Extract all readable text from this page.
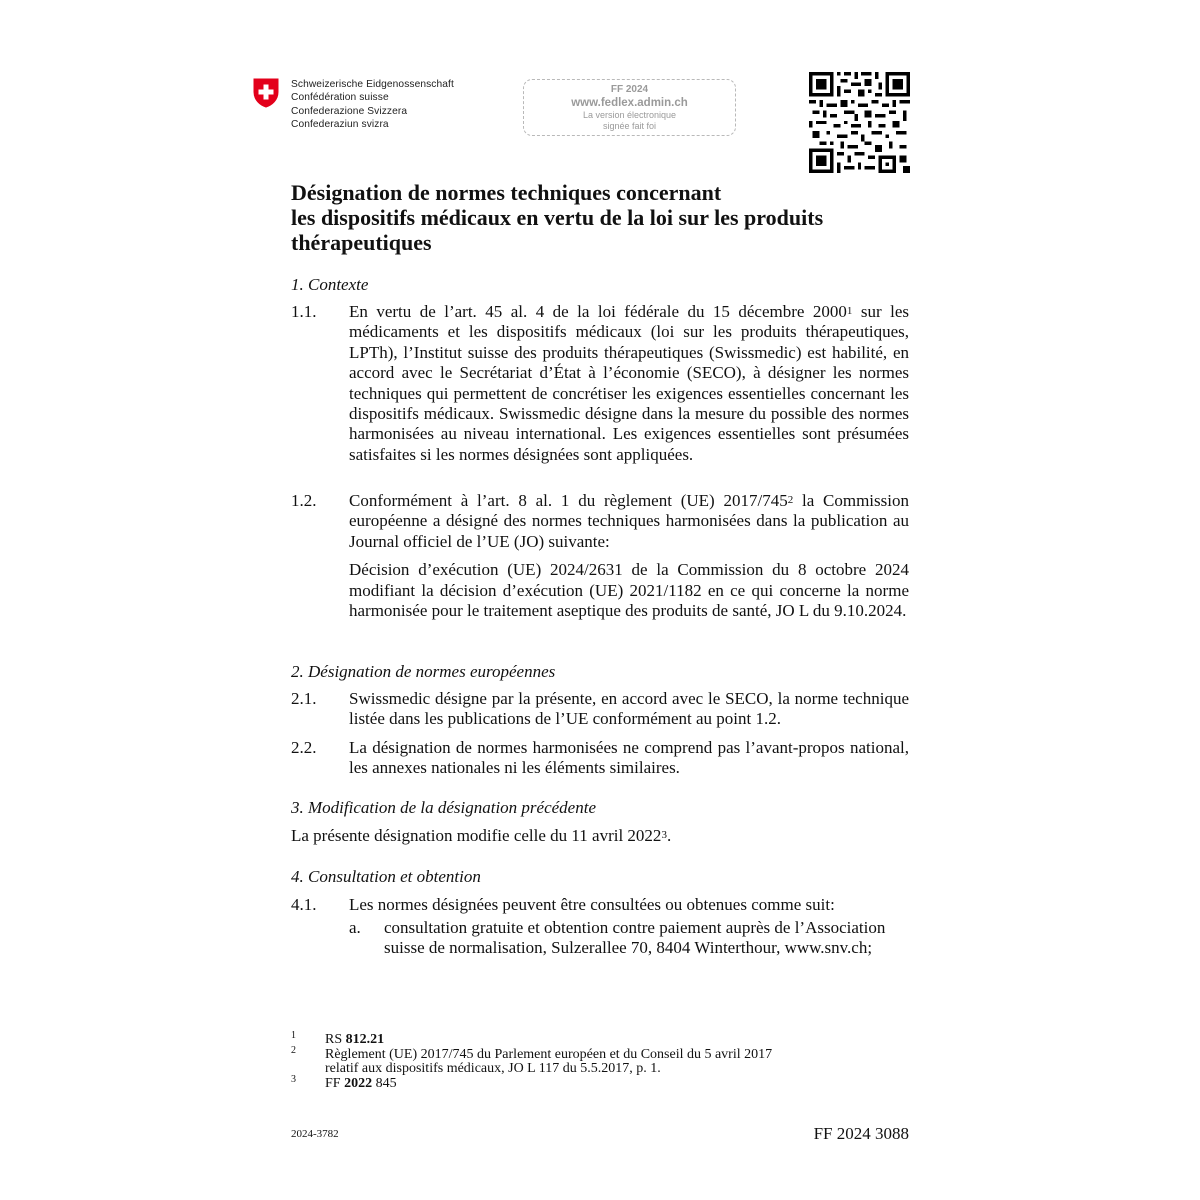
Schweizerische Eidgenossenschaft
Confédération suisse
Confederazione Svizzera
Confederaziun svizra
FF 2024
www.fedlex.admin.ch
La version électronique
signée fait foi
Désignation de normes techniques concernant
les dispositifs médicaux en vertu de la loi sur les produits
thérapeutiques
1. Contexte
1.1. En vertu de l’art. 45 al. 4 de la loi fédérale du 15 décembre 2000$^1$ sur les médicaments et les dispositifs médicaux (loi sur les produits thérapeutiques, LPTh), l’Institut suisse des produits thérapeutiques (Swissmedic) est habilité, en accord avec le Secrétariat d’État à l’économie (SECO), à désigner les normes techniques qui permettent de concrétiser les exigences essentielles concernant les dispositifs médicaux. Swissmedic désigne dans la mesure du possible des normes harmonisées au niveau international. Les exigences essentielles sont présumées satisfaites si les normes désignées sont appliquées.
1.2. Conformément à l’art. 8 al. 1 du règlement (UE) $2017/745^2$ la Commission européenne a désigné des normes techniques harmonisées dans la publication au Journal officiel de l’UE (JO) suivante:

Décision d’exécution (UE) 2024/2631 de la Commission du 8 octobre 2024 modifiant la décision d’exécution (UE) 2021/1182 en ce qui concerne la norme harmonisée pour le traitement aseptique des produits de santé, JO L du 9.10.2024.

2. Désignation de normes européennes
2.1. Swissmedic désigne par la présente, en accord avec le SECO, la norme technique listée dans les publications de l’UE conformément au point 1.2.
2.2. La désignation de normes harmonisées ne comprend pas l’avant-propos national, les annexes nationales ni les éléments similaires.
3. Modification de la désignation précédente
La présente désignation modifie celle du 11 avril 2022$^3$.
4. Consultation et obtention
4.1. Les normes désignées peuvent être consultées ou obtenues comme suit:
a. consultation gratuite et obtention contre paiement auprès de l’Association suisse de normalisation, Sulzerallee 70, 8404 Winterthour, www.snv.ch;
1 RS 812.21
2 Règlement (UE) 2017/745 du Parlement européen et du Conseil du 5 avril 2017
relatif aux dispositifs médicaux, JO L 117 du 5.5.2017, p. 1.
3 FF 2022 845
2024-3782	FF 2024 3088
